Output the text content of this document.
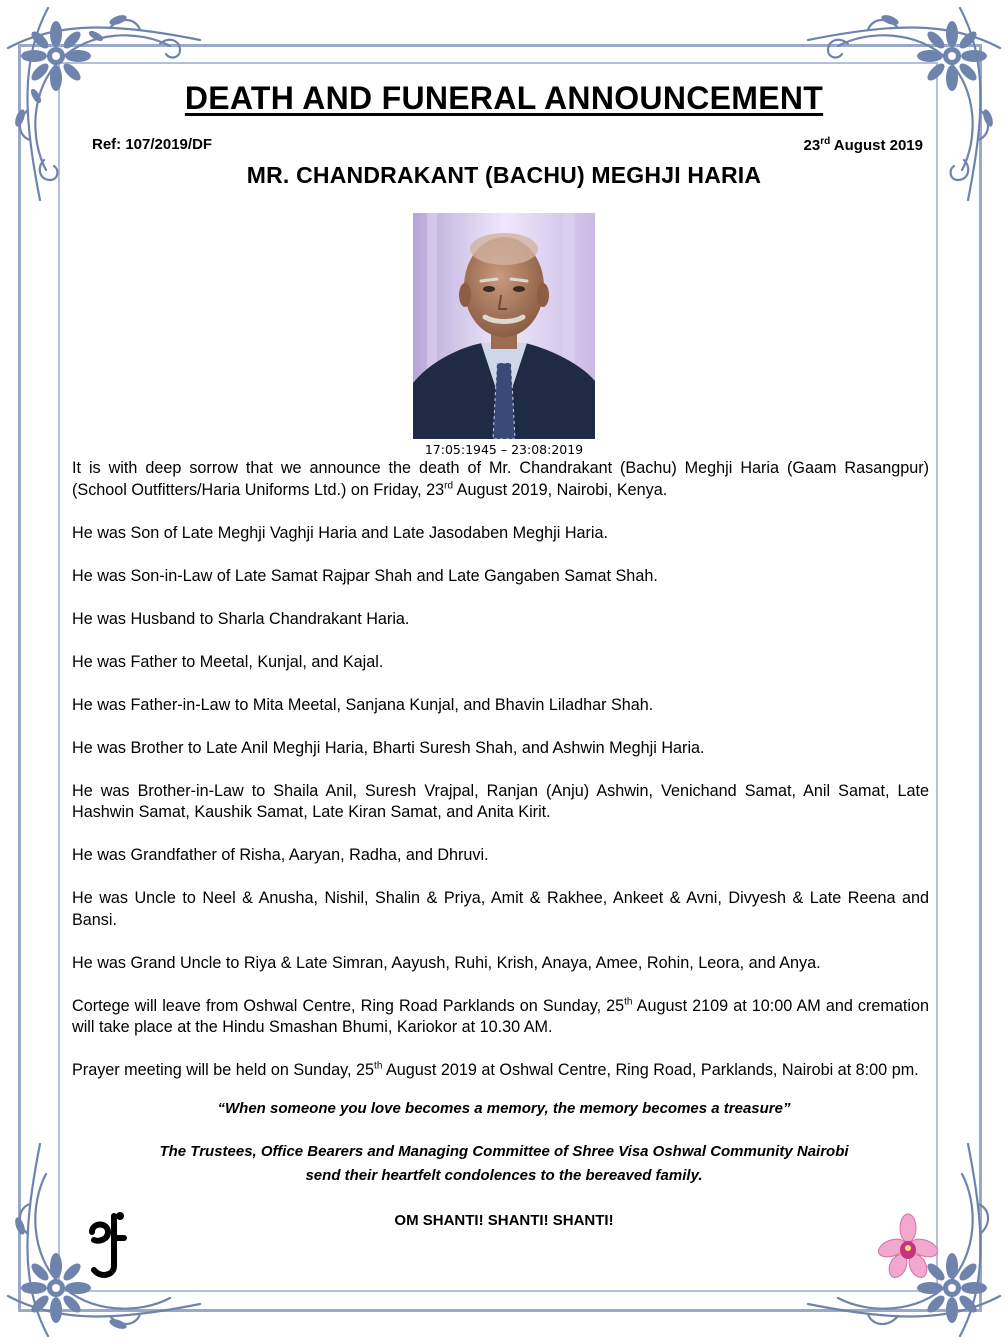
DEATH AND FUNERAL ANNOUNCEMENT
Ref: 107/2019/DF	23rd August 2019
MR. CHANDRAKANT (BACHU) MEGHJI HARIA
17:05:1945 – 23:08:2019

It is with deep sorrow that we announce the death of Mr. Chandrakant (Bachu) Meghji Haria (Gaam Rasangpur) (School Outfitters/Haria Uniforms Ltd.) on Friday, 23rd August 2019, Nairobi, Kenya.

He was Son of Late Meghji Vaghji Haria and Late Jasodaben Meghji Haria.

He was Son-in-Law of Late Samat Rajpar Shah and Late Gangaben Samat Shah.

He was Husband to Sharla Chandrakant Haria.

He was Father to Meetal, Kunjal, and Kajal.

He was Father-in-Law to Mita Meetal, Sanjana Kunjal, and Bhavin Liladhar Shah.

He was Brother to Late Anil Meghji Haria, Bharti Suresh Shah, and Ashwin Meghji Haria.

He was Brother-in-Law to Shaila Anil, Suresh Vrajpal, Ranjan (Anju) Ashwin, Venichand Samat, Anil Samat, Late Hashwin Samat, Kaushik Samat, Late Kiran Samat, and Anita Kirit.

He was Grandfather of Risha, Aaryan, Radha, and Dhruvi.

He was Uncle to Neel & Anusha, Nishil, Shalin & Priya, Amit & Rakhee, Ankeet & Avni, Divyesh & Late Reena and Bansi.

He was Grand Uncle to Riya & Late Simran, Aayush, Ruhi, Krish, Anaya, Amee, Rohin, Leora, and Anya.

Cortege will leave from Oshwal Centre, Ring Road Parklands on Sunday, 25th August 2109 at 10:00 AM and cremation will take place at the Hindu Smashan Bhumi, Kariokor at 10.30 AM.

Prayer meeting will be held on Sunday, 25th August 2019 at Oshwal Centre, Ring Road, Parklands, Nairobi at 8:00 pm.

“When someone you love becomes a memory, the memory becomes a treasure”
The Trustees, Office Bearers and Managing Committee of Shree Visa Oshwal Community Nairobi
send their heartfelt condolences to the bereaved family.
OM SHANTI! SHANTI! SHANTI!
